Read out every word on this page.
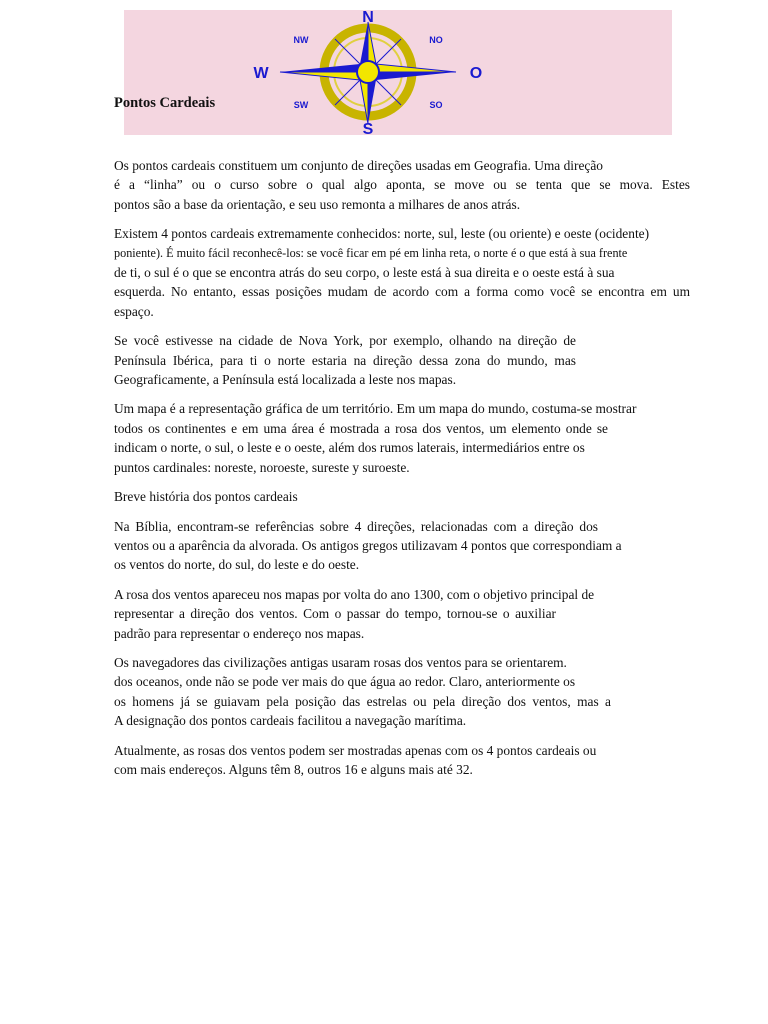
N
S
W	O
NW	NO
SW	SO
Pontos Cardeais

Os pontos cardeais constituem um conjunto de direções usadas em Geografia. Uma direção
é a “linha” ou o curso sobre o qual algo aponta, se move ou se tenta que se mova. Estes
pontos são a base da orientação, e seu uso remonta a milhares de anos atrás.

Existem 4 pontos cardeais extremamente conhecidos: norte, sul, leste (ou oriente) e oeste (ocidente)
poniente). É muito fácil reconhecê-los: se você ficar em pé em linha reta, o norte é o que está à sua frente
de ti, o sul é o que se encontra atrás do seu corpo, o leste está à sua direita e o oeste está à sua
esquerda. No entanto, essas posições mudam de acordo com a forma como você se encontra em um
espaço.

Se você estivesse na cidade de Nova York, por exemplo, olhando na direção de
Península Ibérica, para ti o norte estaria na direção dessa zona do mundo, mas
Geograficamente, a Península está localizada a leste nos mapas.

Um mapa é a representação gráfica de um território. Em um mapa do mundo, costuma-se mostrar
todos os continentes e em uma área é mostrada a rosa dos ventos, um elemento onde se
indicam o norte, o sul, o leste e o oeste, além dos rumos laterais, intermediários entre os
puntos cardinales: noreste, noroeste, sureste y suroeste.

Breve história dos pontos cardeais

Na Bíblia, encontram-se referências sobre 4 direções, relacionadas com a direção dos
ventos ou a aparência da alvorada. Os antigos gregos utilizavam 4 pontos que correspondiam a
os ventos do norte, do sul, do leste e do oeste.

A rosa dos ventos apareceu nos mapas por volta do ano 1300, com o objetivo principal de
representar a direção dos ventos. Com o passar do tempo, tornou-se o auxiliar
padrão para representar o endereço nos mapas.

Os navegadores das civilizações antigas usaram rosas dos ventos para se orientarem.
dos oceanos, onde não se pode ver mais do que água ao redor. Claro, anteriormente os
os homens já se guiavam pela posição das estrelas ou pela direção dos ventos, mas a
A designação dos pontos cardeais facilitou a navegação marítima.

Atualmente, as rosas dos ventos podem ser mostradas apenas com os 4 pontos cardeais ou
com mais endereços. Alguns têm 8, outros 16 e alguns mais até 32.
